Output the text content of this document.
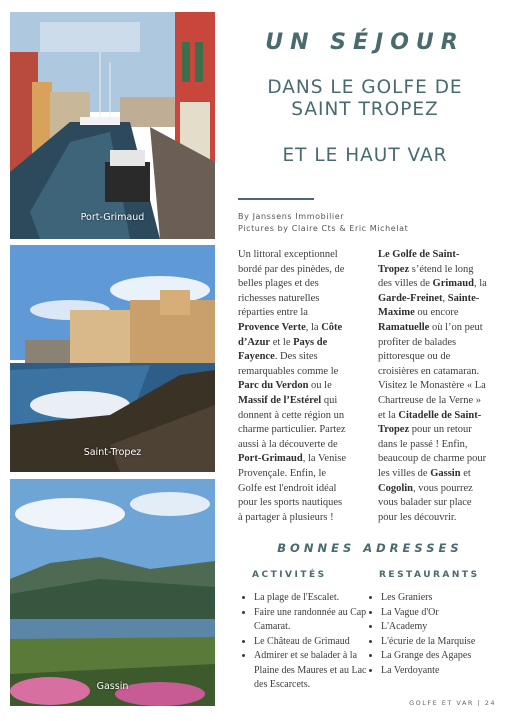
Port-Grimaud
Saint-Tropez
Gassin
UN SÉJOUR
DANS LE GOLFE DE
SAINT TROPEZ
ET LE HAUT VAR
By Janssens Immobilier
Pictures by Claire Cts & Eric Michelat
Un littoral exceptionnel bordé par des pinèdes, de belles plages et des richesses naturelles réparties entre la Provence Verte, la Côte d’Azur et le Pays de Fayence. Des sites remarquables comme le Parc du Verdon ou le Massif de l’Estérel qui donnent à cette région un charme particulier. Partez aussi à la découverte de Port-Grimaud, la Venise Provençale. Enfin, le Golfe est l'endroit idéal pour les sports nautiques à partager à plusieurs !
Le Golfe de Saint-Tropez s’étend le long des villes de Grimaud, la Garde-Freinet, Sainte-Maxime ou encore Ramatuelle où l’on peut profiter de balades pittoresque ou de croisières en catamaran. Visitez le Monastère « La Chartreuse de la Verne » et la Citadelle de Saint-Tropez pour un retour dans le passé ! Enfin, beaucoup de charme pour les villes de Gassin et Cogolin, vous pourrez vous balader sur place pour les découvrir.
BONNES ADRESSES
ACTIVITÉS	RESTAURANTS
• La plage de l'Escalet.
• Faire une randonnée au Cap Camarat.
• Le Château de Grimaud
• Admirer et se balader à la Plaine des Maures et au Lac des Escarcets.
• Les Graniers
• La Vague d'Or
• L'Academy
• L'écurie de la Marquise
• La Grange des Agapes
• La Verdoyante
GOLFE ET VAR | 24
